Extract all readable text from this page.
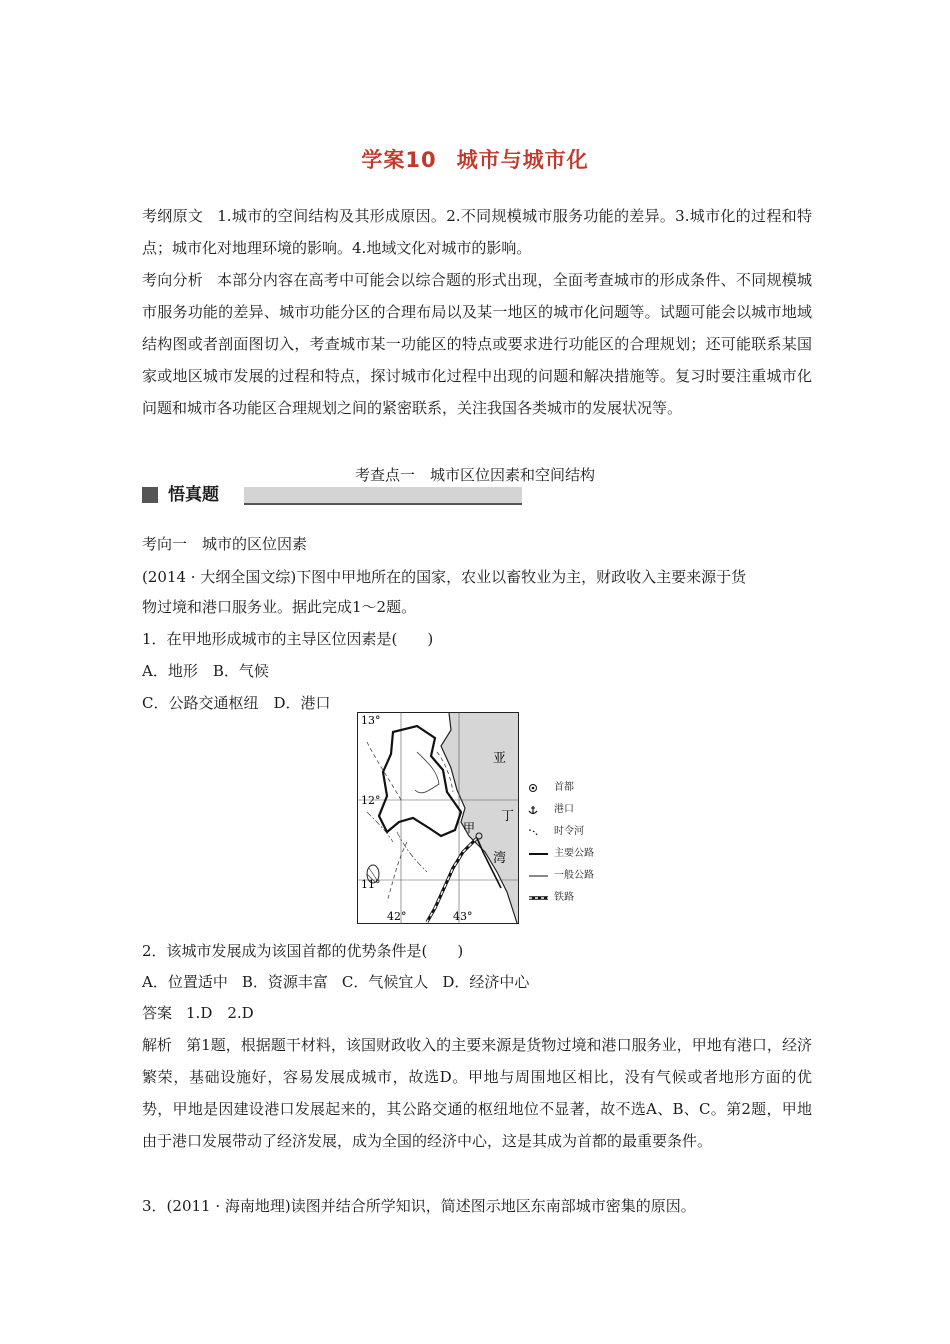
学案10 城市与城市化

考纲原文 1.城市的空间结构及其形成原因。2.不同规模城市服务功能的差异。3.城市化的过程和特点；城市化对地理环境的影响。4.地域文化对城市的影响。

考向分析 本部分内容在高考中可能会以综合题的形式出现，全面考查城市的形成条件、不同规模城市服务功能的差异、城市功能分区的合理布局以及某一地区的城市化问题等。试题可能会以城市地域结构图或者剖面图切入，考查城市某一功能区的特点或要求进行功能区的合理规划；还可能联系某国家或地区城市发展的过程和特点，探讨城市化过程中出现的问题和解决措施等。复习时要注重城市化问题和城市各功能区合理规划之间的紧密联系，关注我国各类城市的发展状况等。

考查点一　城市区位因素和空间结构
悟真题
考向一　城市的区位因素
(2014 · 大纲全国文综)下图中甲地所在的国家，农业以畜牧业为主，财政收入主要来源于货
物过境和港口服务业。据此完成1～2题。
1．在甲地形成城市的主导区位因素是(　　)
A．地形　B．气候
C．公路交通枢纽　D．港口
13°
12°
11°
42°	43°
亚
丁
湾
甲
首都
港口
时令河
主要公路
一般公路
铁路
2．该城市发展成为该国首都的优势条件是(　　)
A．位置适中 B．资源丰富 C．气候宜人 D．经济中心
答案 1.D　2.D

解析 第1题，根据题干材料，该国财政收入的主要来源是货物过境和港口服务业，甲地有港口，经济繁荣，基础设施好，容易发展成城市，故选D。甲地与周围地区相比，没有气候或者地形方面的优势，甲地是因建设港口发展起来的，其公路交通的枢纽地位不显著，故不选A、B、C。第2题，甲地由于港口发展带动了经济发展，成为全国的经济中心，这是其成为首都的最重要条件。

3．(2011 · 海南地理)读图并结合所学知识，简述图示地区东南部城市密集的原因。
